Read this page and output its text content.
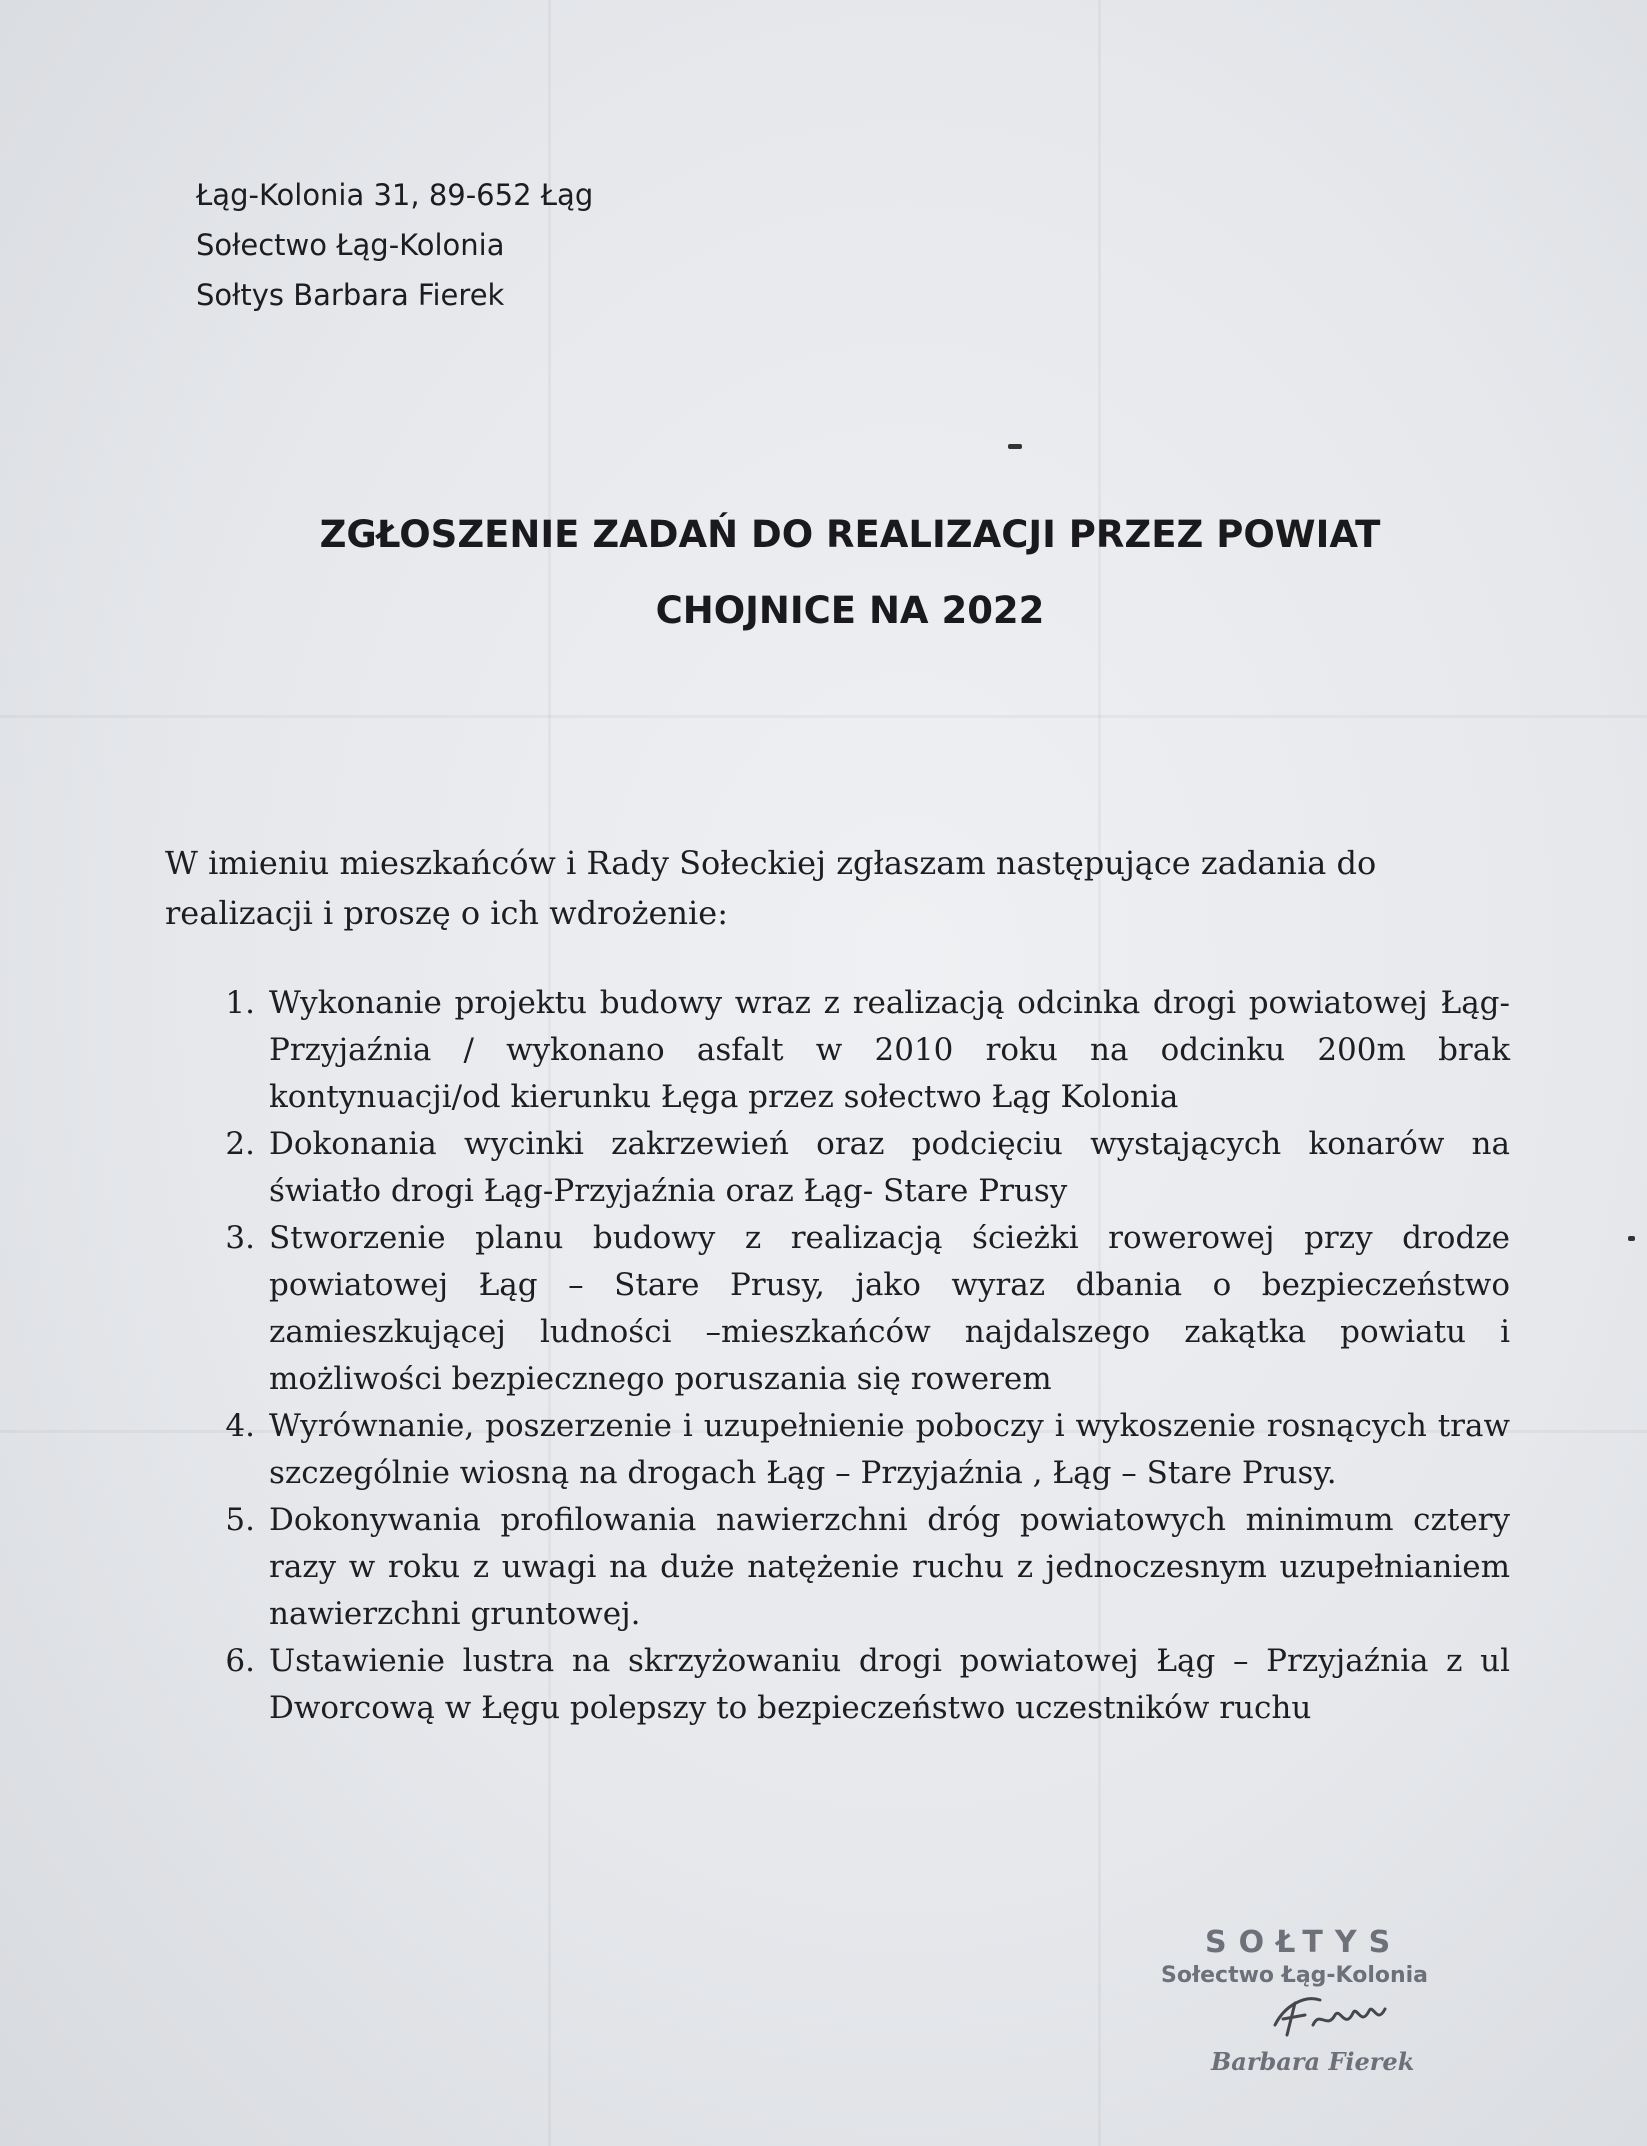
Łąg-Kolonia 31, 89-652 Łąg
Sołectwo Łąg-Kolonia
Sołtys Barbara Fierek
ZGŁOSZENIE ZADAŃ DO REALIZACJI PRZEZ POWIAT
CHOJNICE NA 2022
W imieniu mieszkańców i Rady Sołeckiej zgłaszam następujące zadania do realizacji i proszę o ich wdrożenie:
1. Wykonanie projektu budowy wraz z realizacją odcinka drogi powiatowej Łąg-Przyjaźnia / wykonano asfalt w 2010 roku na odcinku 200m brak kontynuacji/od kierunku Łęga przez sołectwo Łąg Kolonia
2. Dokonania wycinki zakrzewień oraz podcięciu wystających konarów na światło drogi Łąg-Przyjaźnia oraz Łąg- Stare Prusy
3. Stworzenie planu budowy z realizacją ścieżki rowerowej przy drodze powiatowej Łąg – Stare Prusy, jako wyraz dbania o bezpieczeństwo zamieszkującej ludności –mieszkańców najdalszego zakątka powiatu i możliwości bezpiecznego poruszania się rowerem
4. Wyrównanie, poszerzenie i uzupełnienie poboczy i wykoszenie rosnących traw szczególnie wiosną na drogach Łąg – Przyjaźnia , Łąg – Stare Prusy.
5. Dokonywania profilowania nawierzchni dróg powiatowych minimum cztery razy w roku z uwagi na duże natężenie ruchu z jednoczesnym uzupełnianiem nawierzchni gruntowej.
6. Ustawienie lustra na skrzyżowaniu drogi powiatowej Łąg – Przyjaźnia z ul Dworcową w Łęgu polepszy to bezpieczeństwo uczestników ruchu
SOŁTYS
Sołectwo Łąg-Kolonia
Barbara Fierek
